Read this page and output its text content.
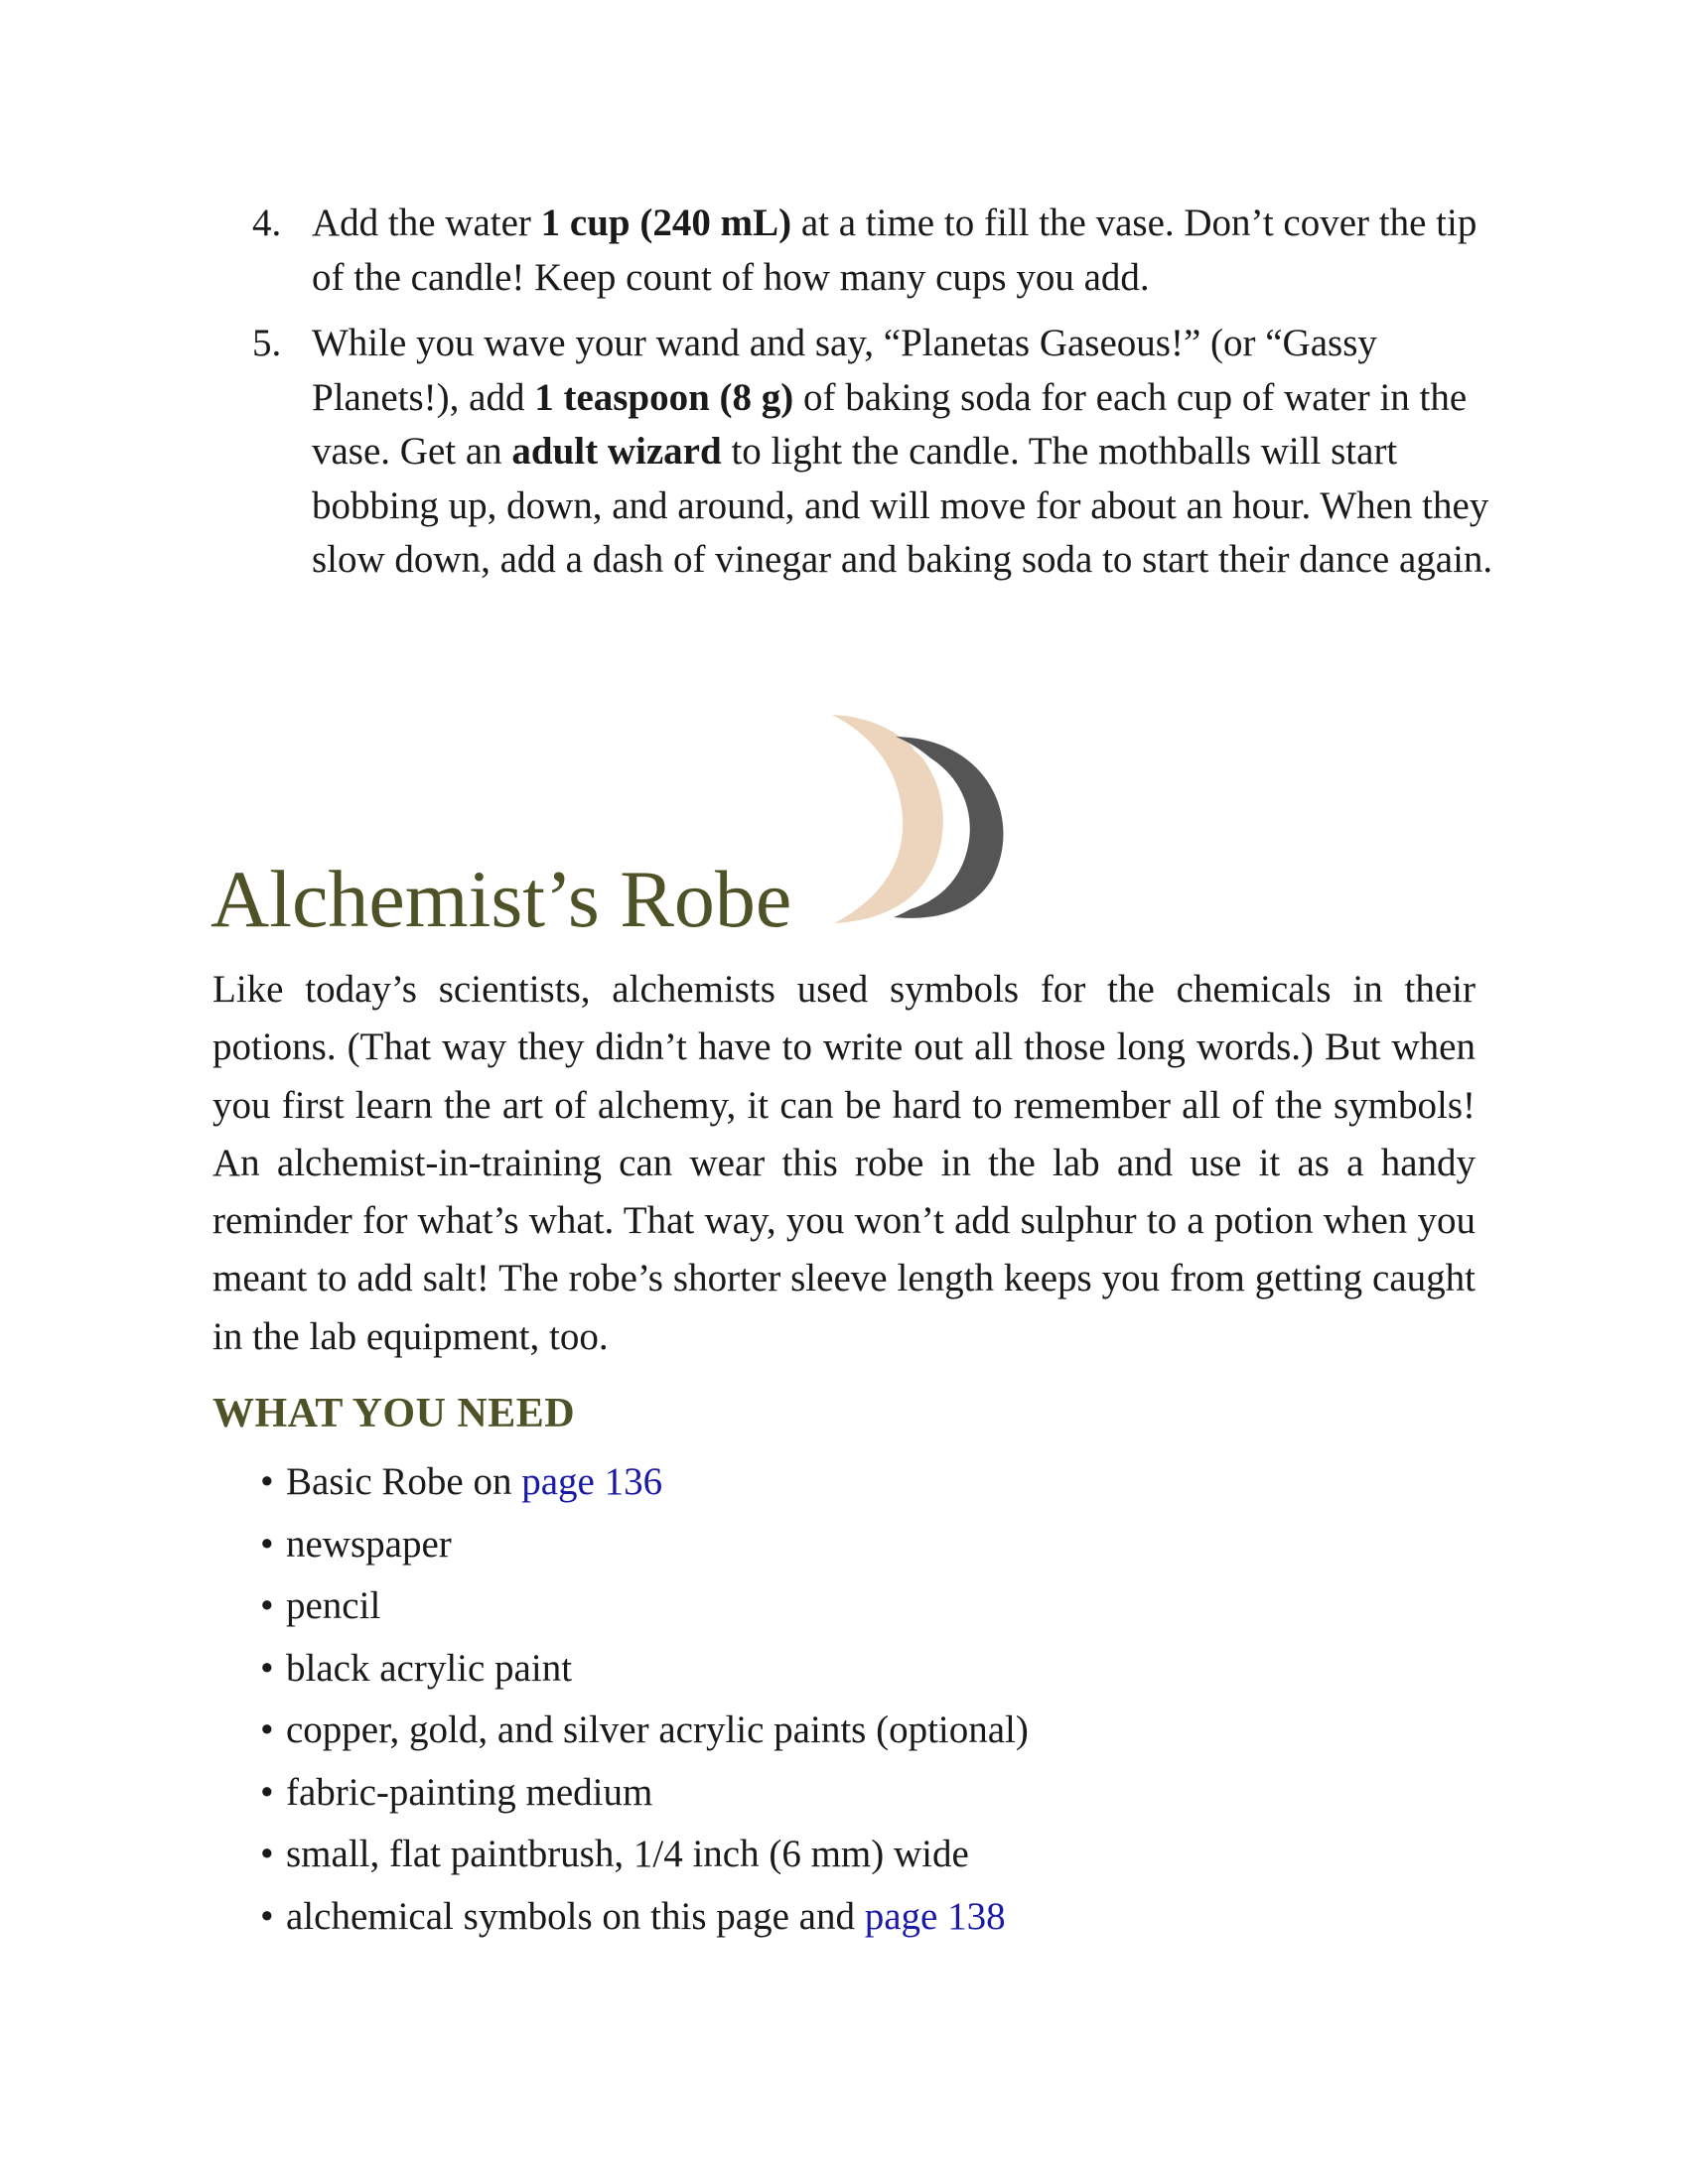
4. Add the water 1 cup (240 mL) at a time to fill the vase. Don’t cover the tip of the candle! Keep count of how many cups you add.
5. While you wave your wand and say, “Planetas Gaseous!” (or “Gassy Planets!), add 1 teaspoon (8 g) of baking soda for each cup of water in the vase. Get an adult wizard to light the candle. The mothballs will start bobbing up, down, and around, and will move for about an hour. When they slow down, add a dash of vinegar and baking soda to start their dance again.
Alchemist’s Robe

Like today’s scientists, alchemists used symbols for the chemicals in their potions. (That way they didn’t have to write out all those long words.) But when you first learn the art of alchemy, it can be hard to remember all of the symbols! An alchemist-in-training can wear this robe in the lab and use it as a handy reminder for what’s what. That way, you won’t add sulphur to a potion when you meant to add salt! The robe’s shorter sleeve length keeps you from getting caught in the lab equipment, too.

WHAT YOU NEED
• Basic Robe on page 136
• newspaper
• pencil
• black acrylic paint
• copper, gold, and silver acrylic paints (optional)
• fabric-painting medium
• small, flat paintbrush, 1/4 inch (6 mm) wide
• alchemical symbols on this page and page 138
